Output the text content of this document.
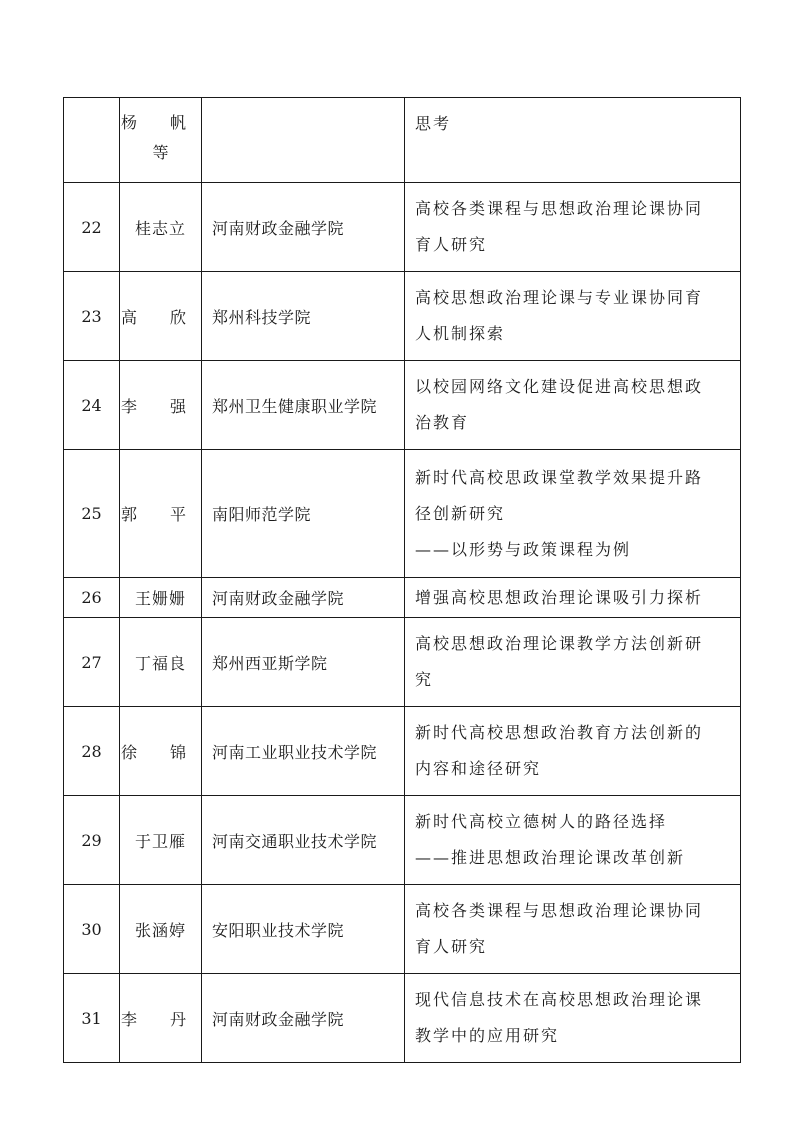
	杨 帆
等		思考

22	桂志立	河南财政金融学院	高校各类课程与思想政治理论课协同
育人研究

23	高 欣	郑州科技学院	高校思想政治理论课与专业课协同育
人机制探索

24	李 强	郑州卫生健康职业学院	以校园网络文化建设促进高校思想政
治教育

25	郭 平	南阳师范学院	新时代高校思政课堂教学效果提升路
径创新研究
——以形势与政策课程为例

26	王姗姗	河南财政金融学院	增强高校思想政治理论课吸引力探析

27	丁福良	郑州西亚斯学院	高校思想政治理论课教学方法创新研
究

28	徐 锦	河南工业职业技术学院	新时代高校思想政治教育方法创新的
内容和途径研究

29	于卫雁	河南交通职业技术学院	新时代高校立德树人的路径选择
——推进思想政治理论课改革创新

30	张涵婷	安阳职业技术学院	高校各类课程与思想政治理论课协同
育人研究

31	李 丹	河南财政金融学院	现代信息技术在高校思想政治理论课
教学中的应用研究
